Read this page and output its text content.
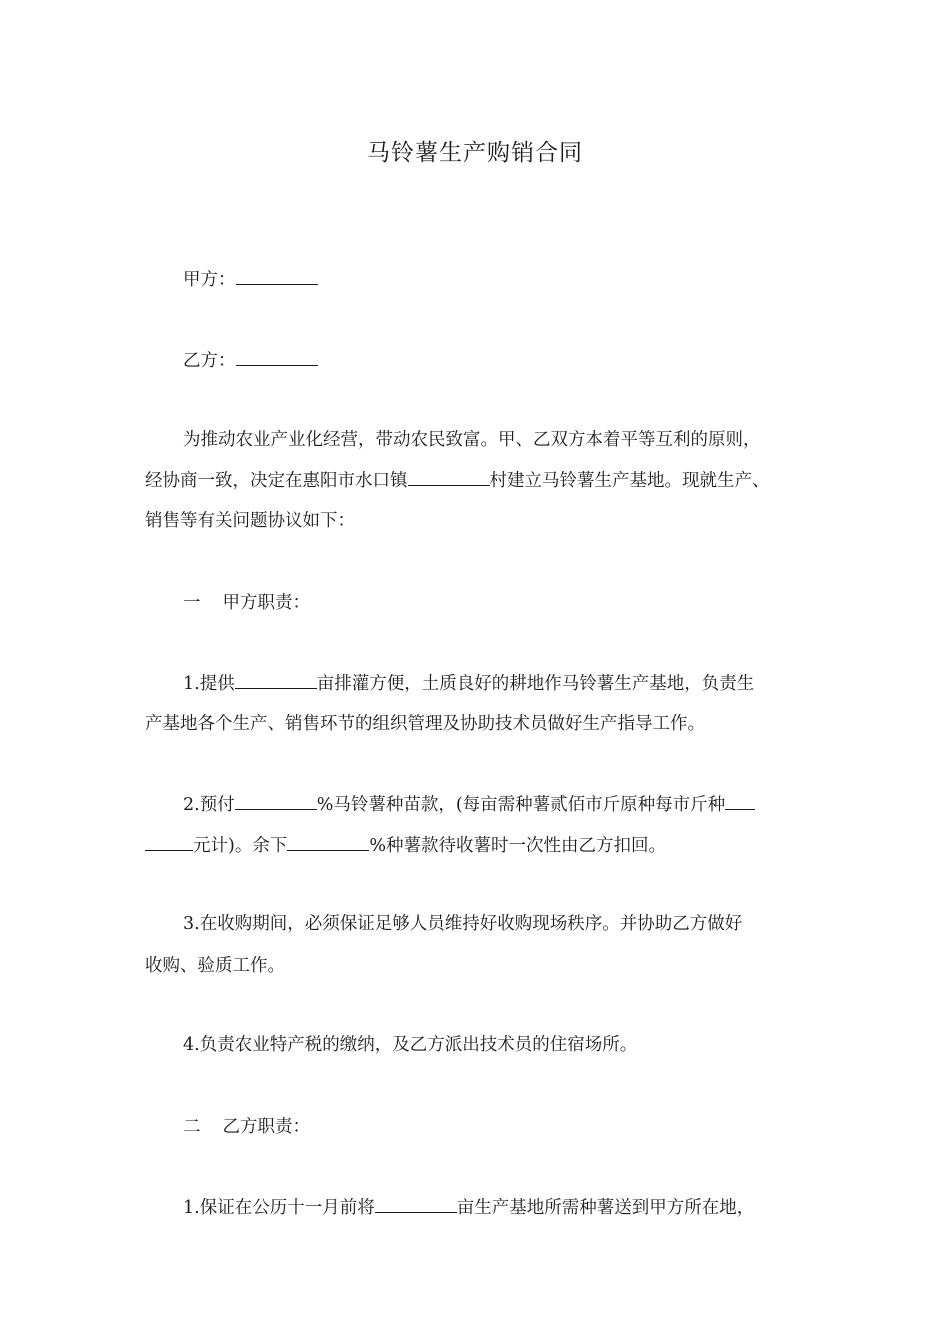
马铃薯生产购销合同
甲方：
乙方：
为推动农业产业化经营，带动农民致富。甲、乙双方本着平等互利的原则，
经协商一致，决定在惠阳市水口镇	村建立马铃薯生产基地。现就生产、
销售等有关问题协议如下：
一 甲方职责：
1.提供	亩排灌方便，土质良好的耕地作马铃薯生产基地，负责生
产基地各个生产、销售环节的组织管理及协助技术员做好生产指导工作。
2.预付	%马铃薯种苗款，(每亩需种薯贰佰市斤原种每市斤种
元计)。余下	%种薯款待收薯时一次性由乙方扣回。
3.在收购期间，必须保证足够人员维持好收购现场秩序。并协助乙方做好
收购、验质工作。
4.负责农业特产税的缴纳，及乙方派出技术员的住宿场所。
二 乙方职责：
1.保证在公历十一月前将	亩生产基地所需种薯送到甲方所在地，
